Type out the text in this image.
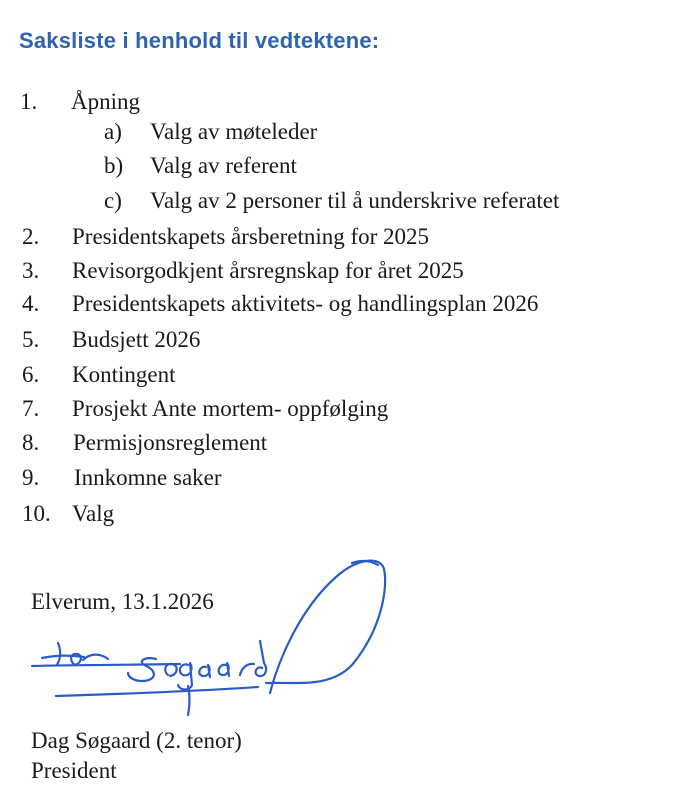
Saksliste i henhold til vedtektene:
1. Åpning
a) Valg av møteleder
b) Valg av referent
c) Valg av 2 personer til å underskrive referatet
2. Presidentskapets årsberetning for 2025
3. Revisorgodkjent årsregnskap for året 2025
4. Presidentskapets aktivitets- og handlingsplan 2026
5. Budsjett 2026
6. Kontingent
7. Prosjekt Ante mortem- oppfølging
8. Permisjonsreglement
9. Innkomne saker
10. Valg
Elverum, 13.1.2026
Dag Søgaard (2. tenor)
President
